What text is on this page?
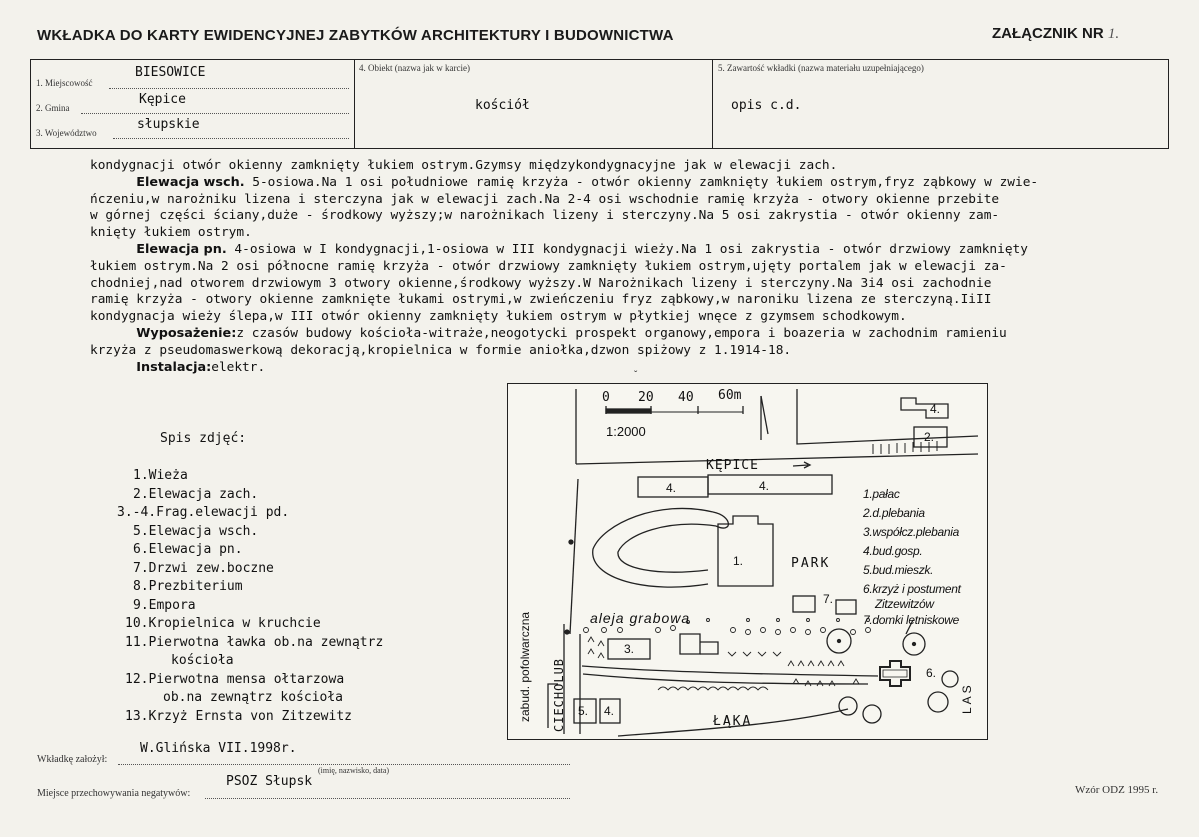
WKŁADKA DO KARTY EWIDENCYJNEJ ZABYTKÓW ARCHITEKTURY I BUDOWNICTWA	ZAŁĄCZNIK NR 1.
1. Miejscowość
BIESOWICE
2. Gmina
Kępice
3. Województwo
słupskie
4. Obiekt (nazwa jak w karcie)
kościół
5. Zawartość wkładki (nazwa materiału uzupełniającego)
opis c.d.
kondygnacji otwór okienny zamknięty łukiem ostrym.Gzymsy międzykondygnacyjne jak w elewacji zach.
Elewacja wsch. 5-osiowa.Na 1 osi południowe ramię krzyża - otwór okienny zamknięty łukiem ostrym,fryz ząbkowy w zwie-
ńczeniu,w narożniku lizena i sterczyna jak w elewacji zach.Na 2-4 osi wschodnie ramię krzyża - otwory okienne przebite
w górnej części ściany,duże - środkowy wyższy;w narożnikach lizeny i sterczyny.Na 5 osi zakrystia - otwór okienny zam-
knięty łukiem ostrym.
Elewacja pn. 4-osiowa w I kondygnacji,1-osiowa w III kondygnacji wieży.Na 1 osi zakrystia - otwór drzwiowy zamknięty
łukiem ostrym.Na 2 osi północne ramię krzyża - otwór drzwiowy zamknięty łukiem ostrym,ujęty portalem jak w elewacji za-
chodniej,nad otworem drzwiowym 3 otwory okienne,środkowy wyższy.W Narożnikach lizeny i sterczyny.Na 3i4 osi zachodnie
ramię krzyża - otwory okienne zamknięte łukami ostrymi,w zwieńczeniu fryz ząbkowy,w naroniku lizena ze sterczyną.IiII
kondygnacja wieży ślepa,w III otwór okienny zamknięty łukiem ostrym w płytkiej wnęce z gzymsem schodkowym.
Wyposażenie:z czasów budowy kościoła-witraże,neogotycki prospekt organowy,empora i boazeria w zachodnim ramieniu
krzyża z pseudomaswerkową dekoracją,kropielnica w formie aniołka,dzwon spiżowy z 1.1914-18.
Instalacja:elektr.
Spis zdjęć:

1.Wieża
2.Elewacja zach.
3.-4.Frag.elewacji pd.
5.Elewacja wsch.
6.Elewacja pn.
7.Drzwi zew.boczne
8.Prezbiterium
9.Empora
10.Kropielnica w kruchcie
11.Pierwotna ławka ob.na zewnątrz
kościoła
12.Pierwotna mensa ołtarzowa
ob.na zewnątrz kościoła
13.Krzyż Ernsta von Zitzewitz
ˇ
0 20 40 60m
1:2000
4.
2.
KĘPICE
4.	4.
1.	PARK
7.
aleja grabowa
3.
6.
5. 4.
ŁĄKA
zabud. pofolwarczna CIECHOLUB	LAS
1.pałac
2.d.plebania
3.współcz.plebania
4.bud.gosp.
5.bud.mieszk.
6.krzyż i postument
Zitzewitzów
7.domki letniskowe
Wkładkę założył:
W.Glińska VII.1998r.
(imię, nazwisko, data)
Miejsce przechowywania negatywów:
PSOZ Słupsk
Wzór ODZ 1995 r.
